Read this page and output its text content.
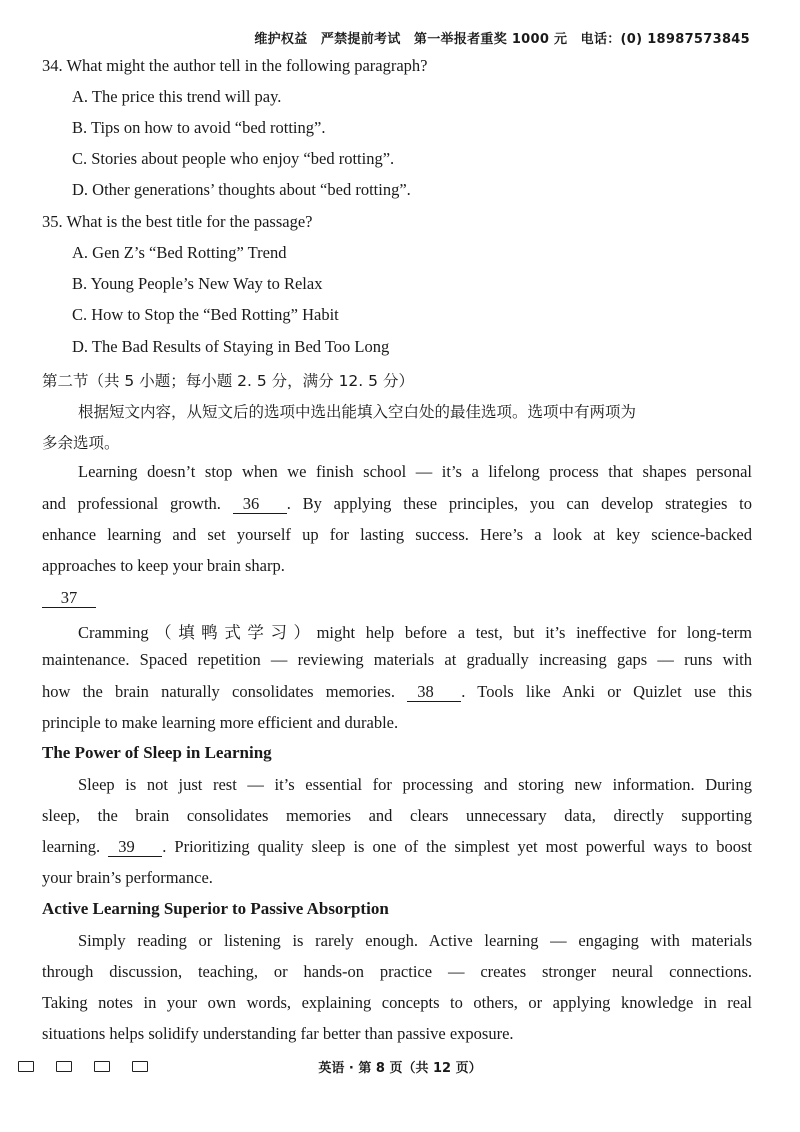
维护权益　严禁提前考试　第一举报者重奖 1000 元　电话：(0) 18987573845
34. What might the author tell in the following paragraph?
A. The price this trend will pay.
B. Tips on how to avoid “bed rotting”.
C. Stories about people who enjoy “bed rotting”.
D. Other generations’ thoughts about “bed rotting”.
35. What is the best title for the passage?
A. Gen Z’s “Bed Rotting” Trend
B. Young People’s New Way to Relax
C. How to Stop the “Bed Rotting” Habit
D. The Bad Results of Staying in Bed Too Long
第二节（共 5 小题；每小题 2. 5 分，满分 12. 5 分）
根据短文内容，从短文后的选项中选出能填入空白处的最佳选项。选项中有两项为
多余选项。
Learning doesn’t stop when we finish school — it’s a lifelong process that shapes personal
and professional growth. 36 . By applying these principles, you can develop strategies to
enhance learning and set yourself up for lasting success. Here’s a look at key science-backed
approaches to keep your brain sharp.
37
Cramming（填鸭式学习）might help before a test, but it’s ineffective for long-term
maintenance. Spaced repetition — reviewing materials at gradually increasing gaps — runs with
how the brain naturally consolidates memories. 38 . Tools like Anki or Quizlet use this
principle to make learning more efficient and durable.
The Power of Sleep in Learning
Sleep is not just rest — it’s essential for processing and storing new information. During
sleep, the brain consolidates memories and clears unnecessary data, directly supporting
learning. 39 . Prioritizing quality sleep is one of the simplest yet most powerful ways to boost
your brain’s performance.
Active Learning Superior to Passive Absorption
Simply reading or listening is rarely enough. Active learning — engaging with materials
through discussion, teaching, or hands-on practice — creates stronger neural connections.
Taking notes in your own words, explaining concepts to others, or applying knowledge in real
situations helps solidify understanding far better than passive exposure.
英语 · 第 8 页（共 12 页）
